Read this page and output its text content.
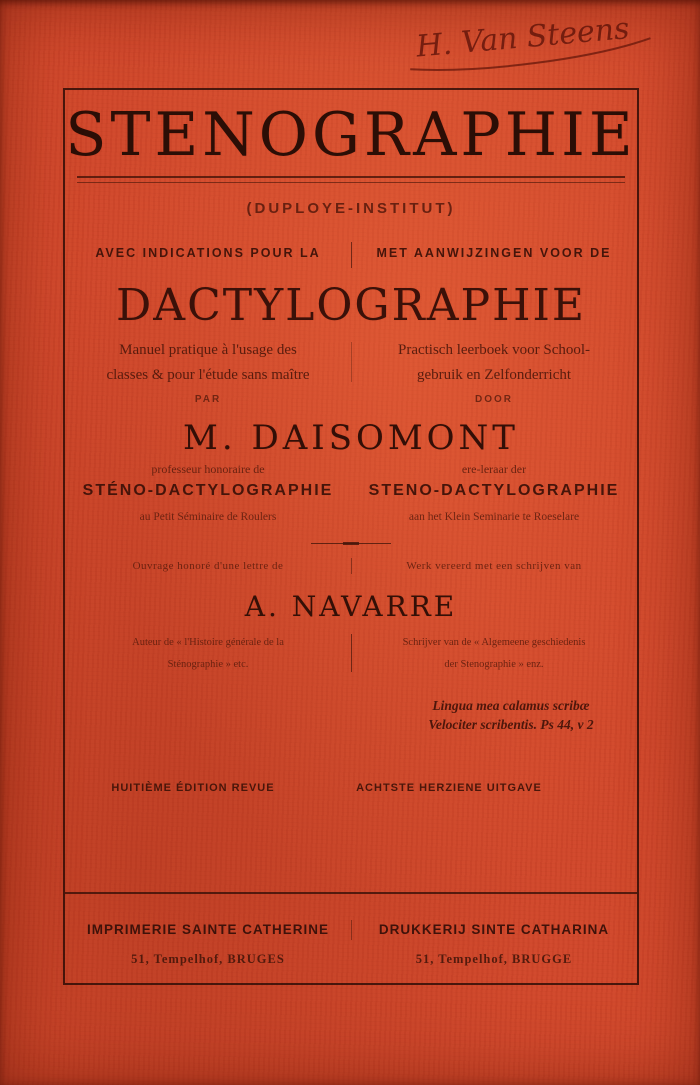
H. Van Steens
STENOGRAPHIE
(DUPLOYE-INSTITUT)
AVEC INDICATIONS POUR LA	MET AANWIJZINGEN VOOR DE
DACTYLOGRAPHIE
Manuel pratique à l'usage des
classes & pour l'étude sans maître
Practisch leerboek voor School-
gebruik en Zelfonderricht
PAR	DOOR
M. DAISOMONT
professeur honoraire de
STÉNO-DACTYLOGRAPHIE
au Petit Séminaire de Roulers
ere-leraar der
STENO-DACTYLOGRAPHIE
aan het Klein Seminarie te Roeselare
Ouvrage honoré d'une lettre de	Werk vereerd met een schrijven van
A. NAVARRE
Auteur de « l'Histoire générale de la
Sténographie » etc.
Schrijver van de « Algemeene geschiedenis
der Stenographie » enz.
Lingua mea calamus scribæ
Velociter scribentis. Ps 44, v 2
HUITIÈME ÉDITION REVUE	ACHTSTE HERZIENE UITGAVE
IMPRIMERIE SAINTE CATHERINE
51, Tempelhof, BRUGES
DRUKKERIJ SINTE CATHARINA
51, Tempelhof, BRUGGE
